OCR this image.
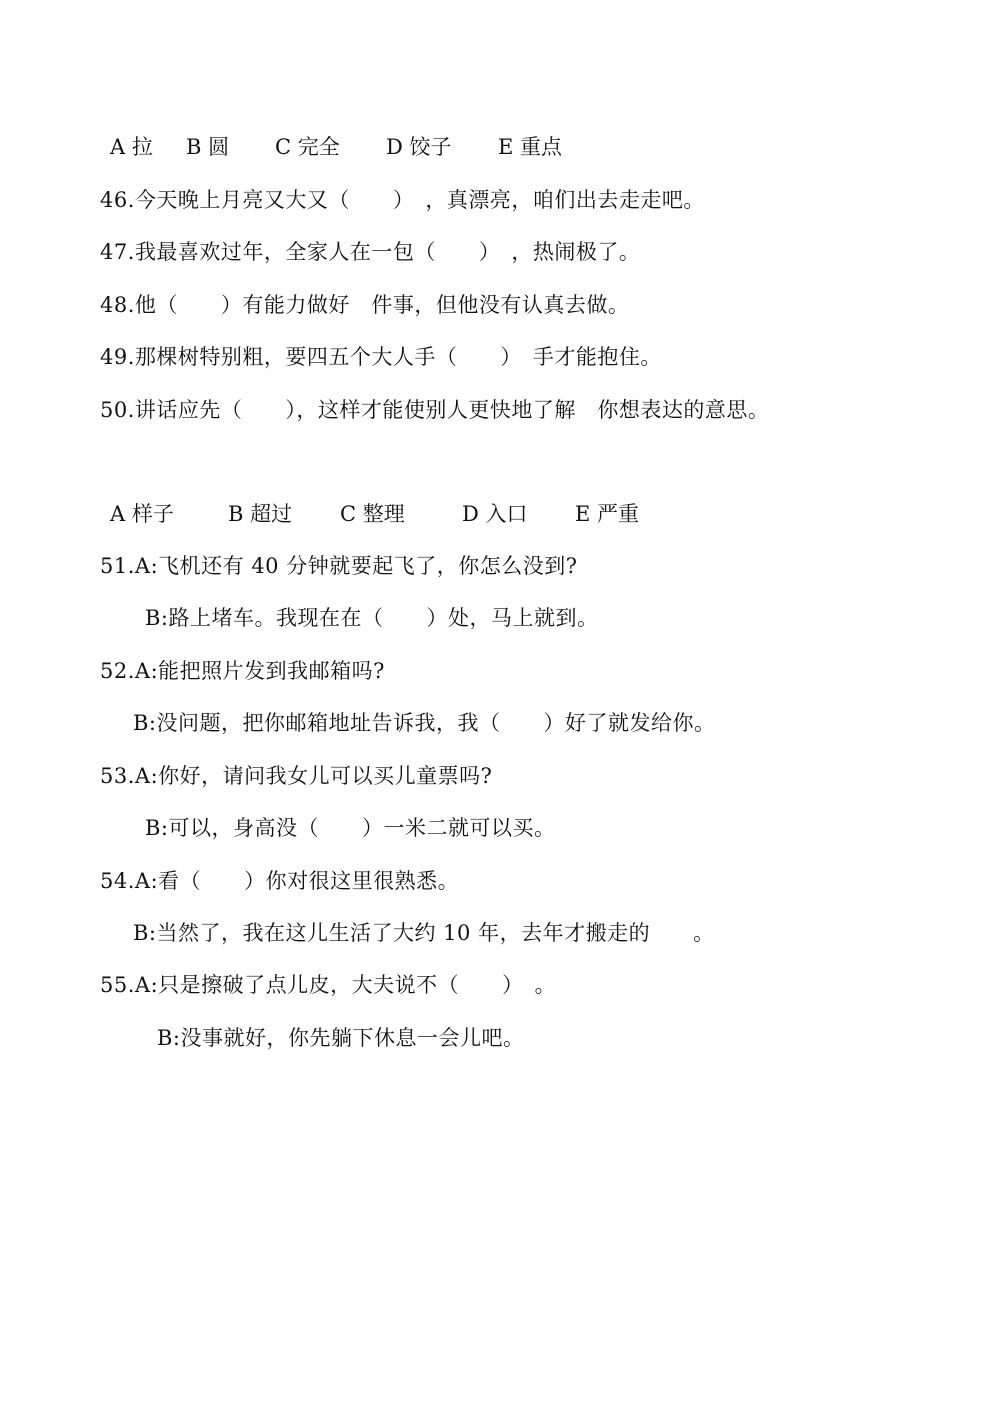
A 拉

B 圆

C 完全

D 饺子

E 重点

46.今天晚上月亮又大又（　　）　，真漂亮，咱们出去走走吧。
47.我最喜欢过年，全家人在一包（　　）　，热闹极了。
48.他（　　）有能力做好　件事，但他没有认真去做。
49.那棵树特别粗，要四五个大人手（　　）　手才能抱住。
50.讲话应先（　　），这样才能使别人更快地了解　你想表达的意思。

A 样子

	B 超过

C 整理

	D 入口

E 严重

51.A:飞机还有 40 分钟就要起飞了，你怎么没到?
B:路上堵车。我现在在（　　）处，马上就到。
52.A:能把照片发到我邮箱吗?
B:没问题，把你邮箱地址告诉我，我（　　）好了就发给你。
53.A:你好，请问我女儿可以买儿童票吗?
B:可以，身高没（　　）一米二就可以买。
54.A:看（　　）你对很这里很熟悉。
B:当然了，我在这儿生活了大约 10 年，去年才搬走的　　。
55.A:只是擦破了点儿皮，大夫说不（　　）　。
B:没事就好，你先躺下休息一会儿吧。
